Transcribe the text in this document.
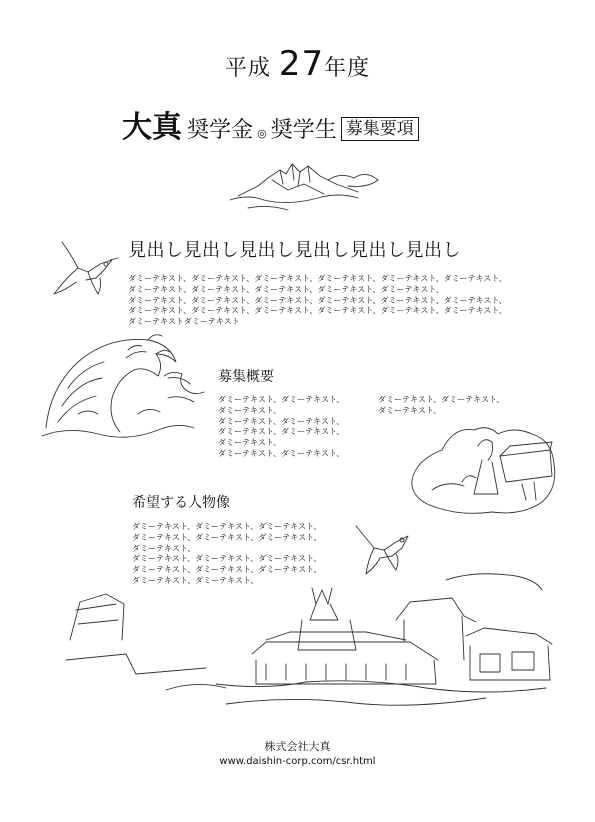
平成 27年度
大真 奨学金 ◎ 奨学生 募集要項
見出し見出し見出し見出し見出し見出し
ダミーテキスト、ダミーテキスト、ダミーテキスト、ダミーテキスト、ダミーテキスト、ダミーテキスト、
ダミーテキスト、ダミーテキスト、ダミーテキスト、ダミーテキスト、ダミーテキスト、
ダミーテキスト、ダミーテキスト、ダミーテキスト、ダミーテキスト、ダミーテキスト、ダミーテキスト、
ダミーテキスト、ダミーテキスト、ダミーテキスト、ダミーテキスト、ダミーテキスト、ダミーテキスト、
ダミーテキストダミーテキスト
募集概要
ダミーテキスト、ダミーテキスト、
ダミーテキスト、
ダミーテキスト、ダミーテキスト、
ダミーテキスト、ダミーテキスト、
ダミーテキスト、
ダミーテキスト、ダミーテキスト、
ダミーテキスト、ダミーテキスト、
ダミーテキスト、
希望する人物像
ダミーテキスト、ダミーテキスト、ダミーテキスト、
ダミーテキスト、ダミーテキスト、ダミーテキスト、
ダミーテキスト、
ダミーテキスト、ダミーテキスト、ダミーテキスト、
ダミーテキスト、ダミーテキスト、ダミーテキスト、
ダミーテキスト、ダミーテキスト、
株式会社大真
www.daishin-corp.com/csr.html
